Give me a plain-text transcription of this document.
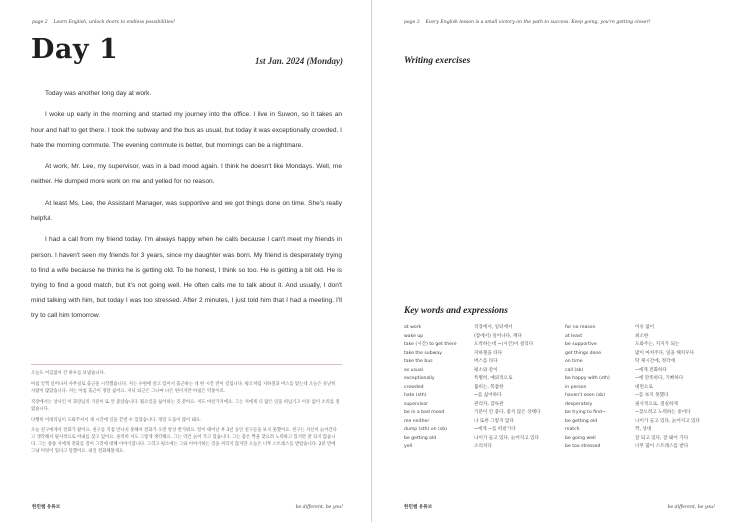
page 2 Learn English, unlock doors to endless possibilities!
Day 1	1st Jan. 2024 (Monday)

Today was another long day at work.

I woke up early in the morning and started my journey into the office. I live in Suwon, so it takes an hour and half to get there. I took the subway and the bus as usual, but today it was exceptionally crowded. I hate the morning commute. The evening commute is better, but mornings can be a nightmare.

At work, Mr. Lee, my supervisor, was in a bad mood again. I think he doesn't like Mondays. Well, me neither. He dumped more work on me and yelled for no reason.

At least Ms. Lee, the Assistant Manager, was supportive and we got things done on time. She's really helpful.

I had a call from my friend today. I'm always happy when he calls because I can't meet my friends in person. I haven't seen my friends for 3 years, since my daughter was born. My friend is desperately trying to find a wife because he thinks he is getting old. To be honest, I think so too. He is getting a bit old. He is trying to find a good match, but it's not going well. He often calls me to talk about it. And usually, I don't mind talking with him, but today I was too stressed. After 2 minutes, I just told him that I had a meeting. I'll try to call him tomorrow.

오늘도 어김없이 긴 하루를 보냈습니다.

아침 일찍 일어나서 사무실로 출근을 시작했습니다. 저는 수원에 살고 있어서 출근하는 데 한 시간 반이 걸립니다. 평소처럼 지하철과 버스를 탔는데 오늘은 유난히 사람이 많았습니다. 저는 아침 출근이 정말 싫어요. 저녁 퇴근은 그나마 나은 편이지만 아침은 악몽이죠.

직장에서는 상사인 이 과장님의 기분이 또 안 좋았습니다. 월요일을 싫어하는 것 같아요. 저도 마찬가지에요. 그는 저에게 더 많은 일을 떠넘기고 이유 없이 소리를 질렀습니다.

다행히 이대리님이 도와주셔서 제 시간에 일을 끝낼 수 있었습니다. 정말 도움이 많이 돼요.

오늘 친구에게서 전화가 왔어요. 친구를 직접 만나지 못해서 전화가 오면 항상 반가워요. 딸이 태어난 후 3년 동안 친구들을 보지 못했어요. 친구는 자신이 늙어간다고 생각해서 필사적으로 아내를 찾고 있어요. 솔직히 저도 그렇게 생각해요. 그는 약간 늙어 가고 있습니다. 그는 좋은 짝을 찾으려 노력하고 있지만 잘 되지 않습니다. 그는 종종 저에게 전화를 걸어 그것에 대해 이야기합니다. 그리고 평소에는 그와 이야기하는 것을 꺼리지 않지만 오늘은 너무 스트레스를 받았습니다. 2분 만에 그냥 미팅이 있다고 말했어요. 내일 전화해볼게요.

한민쌤 유튜브	be different, be you!
page 3 Every English lesson is a small victory on the path to success. Keep going, you're getting closer!
Writing exercises
Key words and expressions
at work	직장에서, 일터에서
wake up	(잠에서) 일어나다, 깨다
take (시간) to get there	도착하는데 ~(시간)이 걸리다
take the subway	지하철을 타다
take the bus	버스를 타다
as usual	평소와 같이
exceptionally	특별히, 예외적으로
crowded	붐비는, 복잡한
hate (sth)	~를 싫어하다
supervisor	관리자, 감독관
be in a bad mood	기분이 안 좋다, 좋지 않은 상태다
me neither	나 또한 그렇지 않다
dump (sth) on (sb)	~에게 ~를 떠맡기다
be getting old	나이가 들고 있다, 늙어지고 있다
yell	소리치다
for no reason	이유 없이
at least	최소한
be supportive	도와주는, 지지가 되는
get things done	많이 마쳐주다, 일을 해치우다
on time	딱 제시간에, 정각에
call (sb)	~에게 전화하다
be happy with (sth)	~에 만족하다, 기뻐하다
in person	대면으로
haven't seen (sb)	~를 보지 못했다
desperately	필사적으로, 절실하게
be trying to find~	~찾으려고 노력하는 중이다
be getting old	나이가 들고 있다, 늙어지고 있다
match	짝, 상대
be going well	잘 되고 있다, 잘 돼어 가다
be too stressed	너무 많이 스트레스를 받다
한민쌤 유튜브	be different, be you!
